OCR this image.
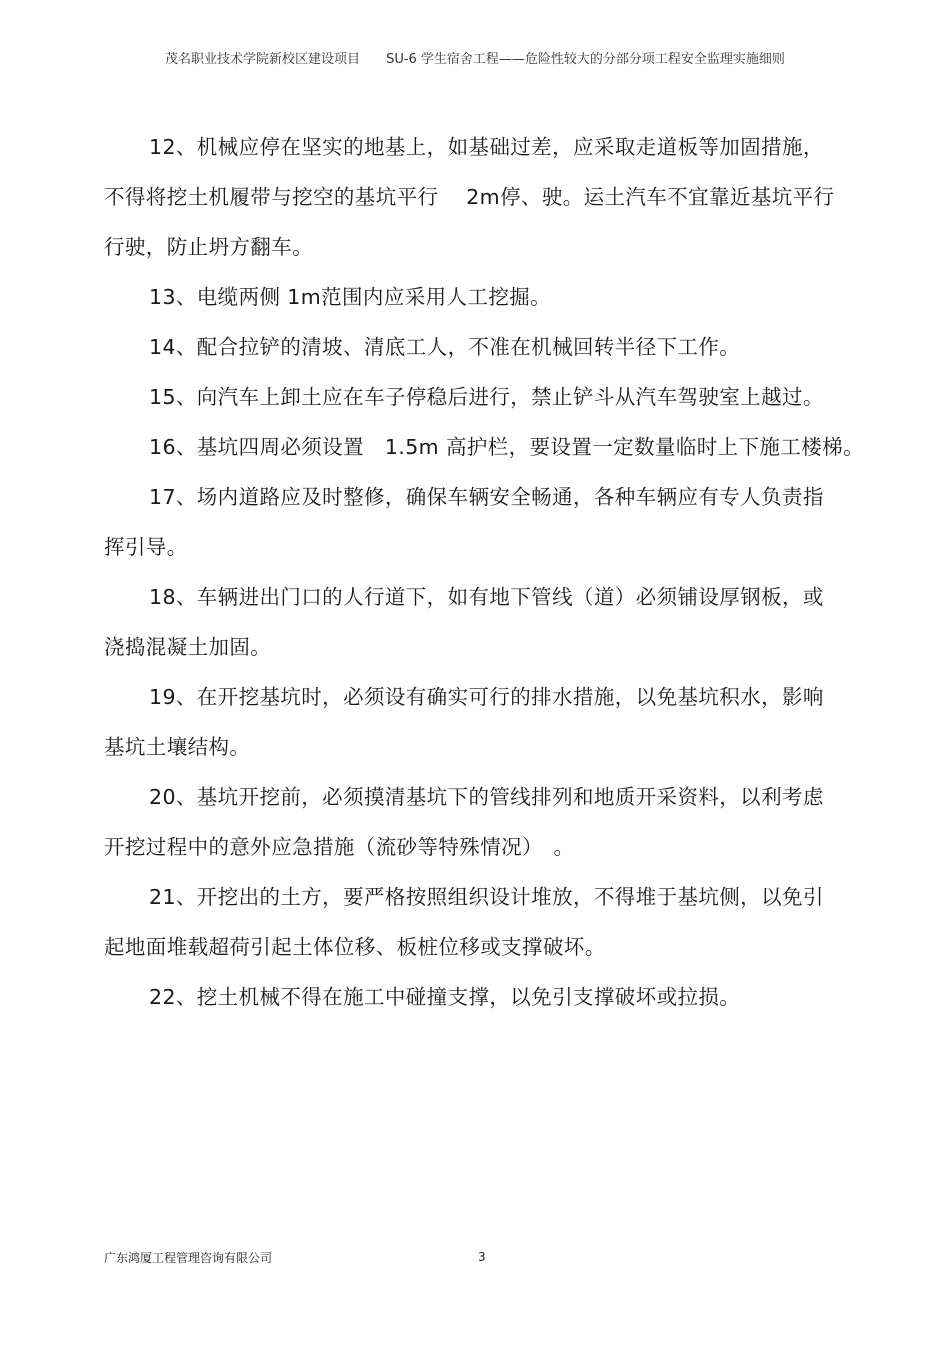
茂名职业技术学院新校区建设项目 SU-6 学生宿舍工程——危险性较大的分部分项工程安全监理实施细则

12、机械应停在坚实的地基上，如基础过差，应采取走道板等加固措施，

不得将挖土机履带与挖空的基坑平行　 2m停、驶。运土汽车不宜靠近基坑平行

行驶，防止坍方翻车。

13、电缆两侧 1m范围内应采用人工挖掘。

14、配合拉铲的清坡、清底工人，不准在机械回转半径下工作。

15、向汽车上卸土应在车子停稳后进行，禁止铲斗从汽车驾驶室上越过。

16、基坑四周必须设置　1.5m 高护栏，要设置一定数量临时上下施工楼梯。

17、场内道路应及时整修，确保车辆安全畅通，各种车辆应有专人负责指

挥引导。

18、车辆进出门口的人行道下，如有地下管线（道）必须铺设厚钢板，或

浇捣混凝土加固。

19、在开挖基坑时，必须设有确实可行的排水措施，以免基坑积水，影响

基坑土壤结构。

20、基坑开挖前，必须摸清基坑下的管线排列和地质开采资料，以利考虑

开挖过程中的意外应急措施（流砂等特殊情况）　。

21、开挖出的土方，要严格按照组织设计堆放，不得堆于基坑侧，以免引

起地面堆载超荷引起土体位移、板桩位移或支撑破坏。

22、挖土机械不得在施工中碰撞支撑，以免引支撑破坏或拉损。

广东鸿厦工程管理咨询有限公司	3
